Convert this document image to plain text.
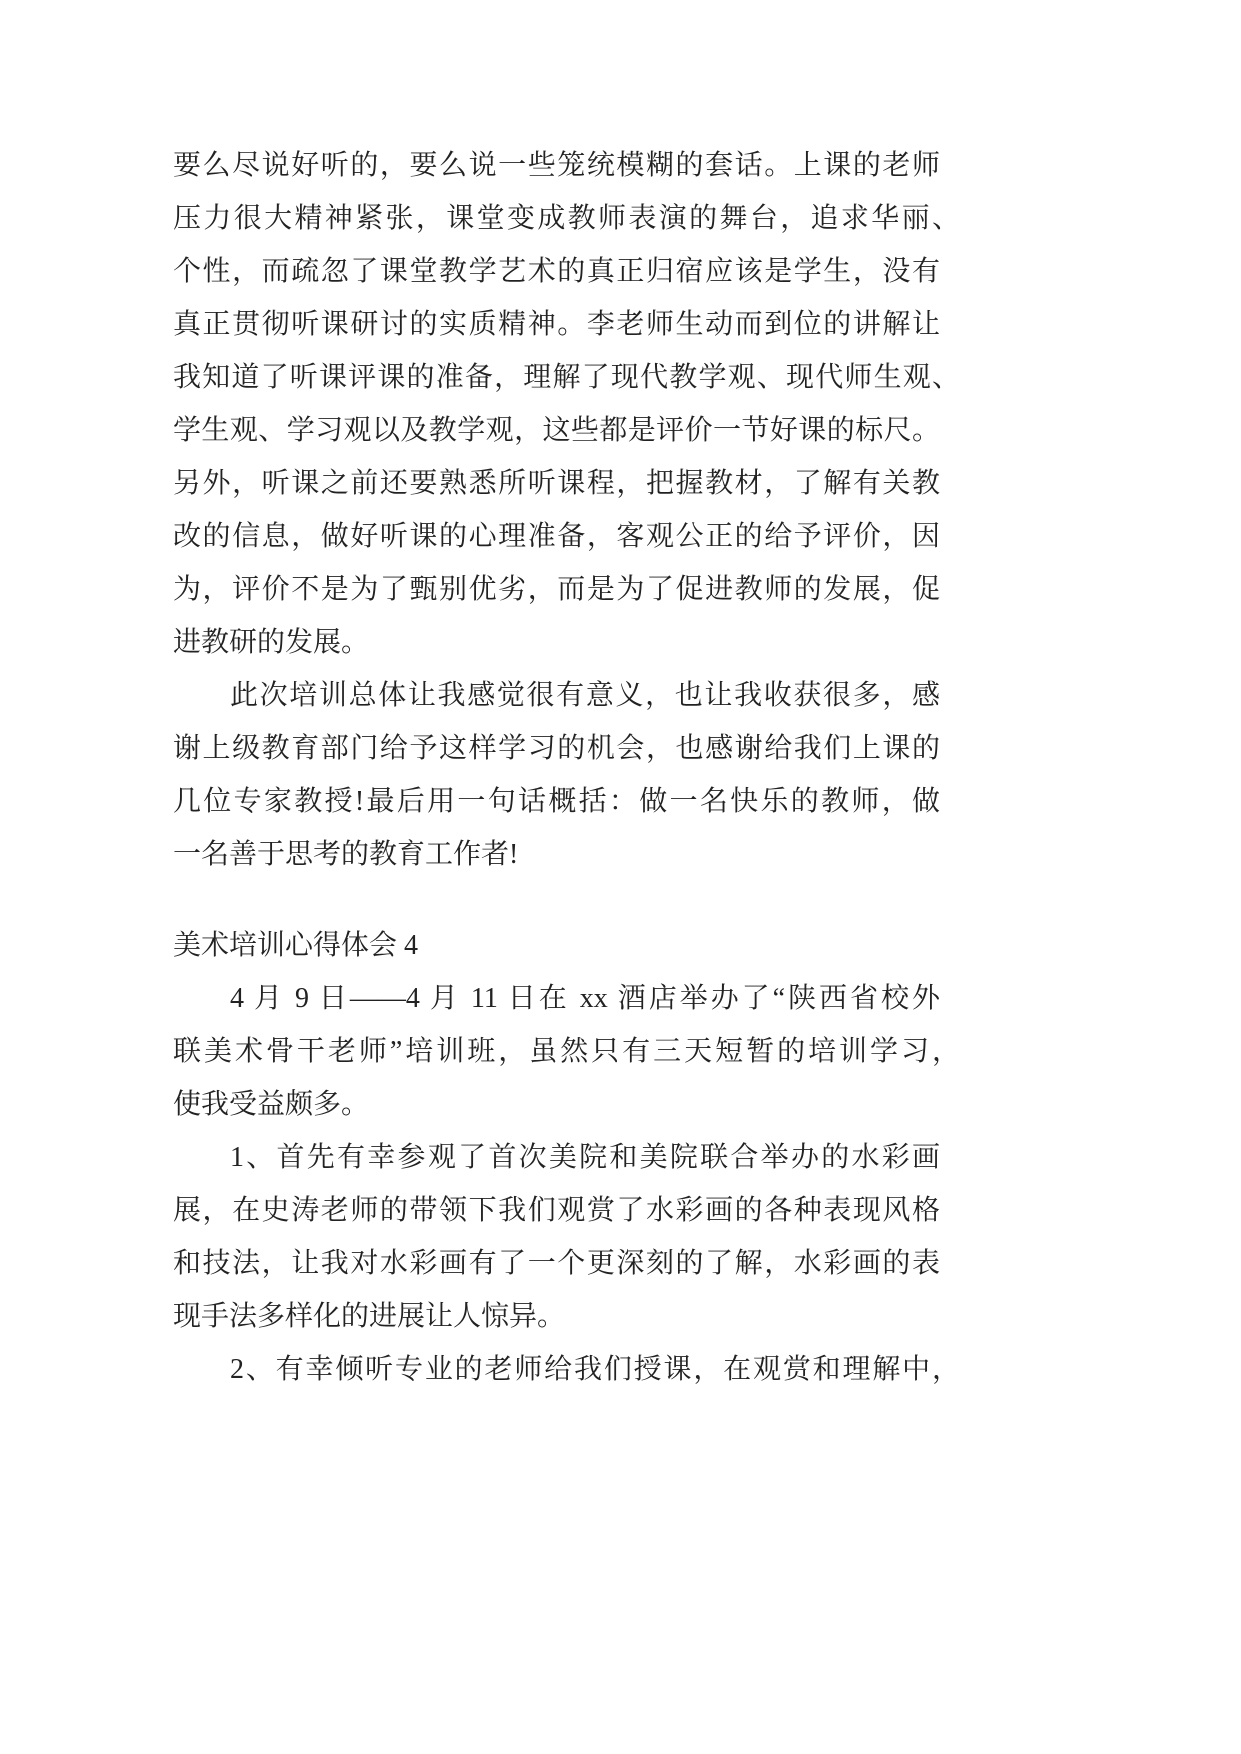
要么尽说好听的，要么说一些笼统模糊的套话。上课的老师
压力很大精神紧张，课堂变成教师表演的舞台，追求华丽、
个性，而疏忽了课堂教学艺术的真正归宿应该是学生，没有
真正贯彻听课研讨的实质精神。李老师生动而到位的讲解让
我知道了听课评课的准备，理解了现代教学观、现代师生观、
学生观、学习观以及教学观，这些都是评价一节好课的标尺。
另外，听课之前还要熟悉所听课程，把握教材，了解有关教
改的信息，做好听课的心理准备，客观公正的给予评价，因
为，评价不是为了甄别优劣，而是为了促进教师的发展，促
进教研的发展。
此次培训总体让我感觉很有意义，也让我收获很多，感
谢上级教育部门给予这样学习的机会，也感谢给我们上课的
几位专家教授!最后用一句话概括：做一名快乐的教师，做
一名善于思考的教育工作者!
美术培训心得体会 4
4 月 9 日——4 月 11 日在 xx 酒店举办了“陕西省校外
联美术骨干老师”培训班，虽然只有三天短暂的培训学习，
使我受益颇多。
1、首先有幸参观了首次美院和美院联合举办的水彩画
展，在史涛老师的带领下我们观赏了水彩画的各种表现风格
和技法，让我对水彩画有了一个更深刻的了解，水彩画的表
现手法多样化的进展让人惊异。
2、有幸倾听专业的老师给我们授课，在观赏和理解中，
